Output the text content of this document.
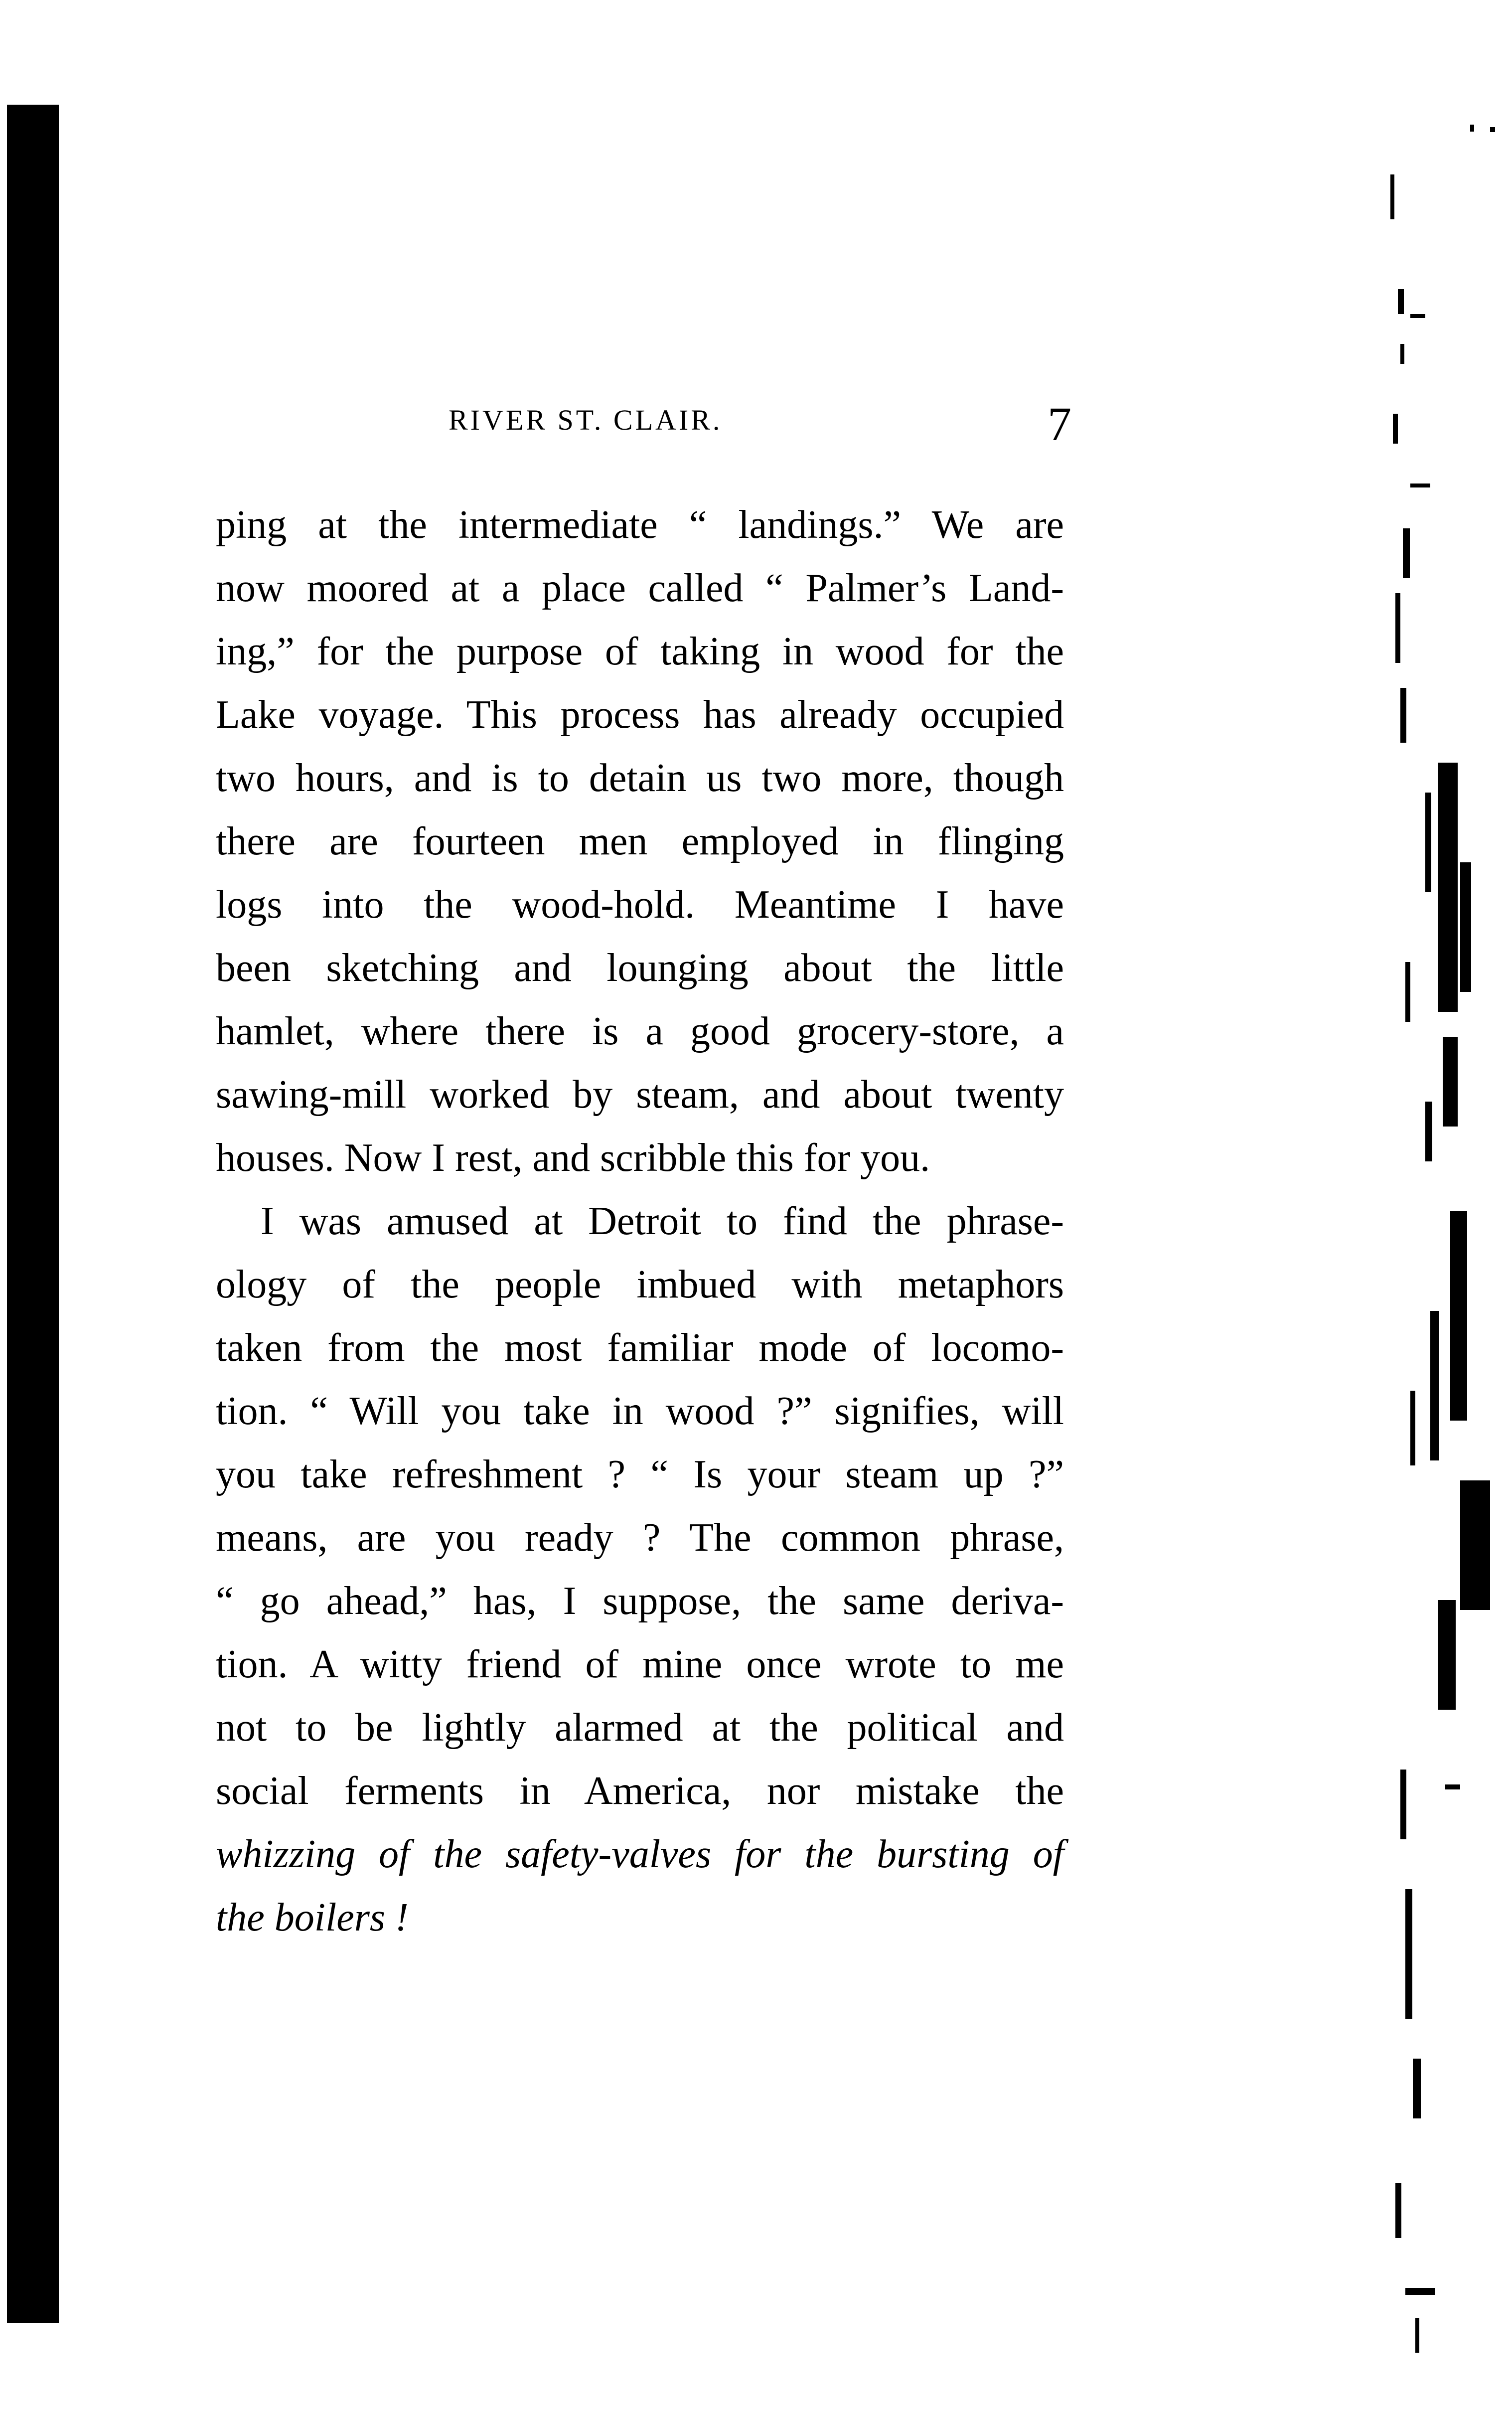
RIVER ST. CLAIR.	7
ping at the intermediate “ landings.” We are
now moored at a place called “ Palmer’s Land-
ing,” for the purpose of taking in wood for the
Lake voyage. This process has already occupied
two hours, and is to detain us two more, though
there are fourteen men employed in flinging
logs into the wood-hold. Meantime I have
been sketching and lounging about the little
hamlet, where there is a good grocery-store, a
sawing-mill worked by steam, and about twenty
houses. Now I rest, and scribble this for you.
I was amused at Detroit to find the phrase-
ology of the people imbued with metaphors
taken from the most familiar mode of locomo-
tion. “ Will you take in wood ?” signifies, will
you take refreshment ? “ Is your steam up ?”
means, are you ready ? The common phrase,
“ go ahead,” has, I suppose, the same deriva-
tion. A witty friend of mine once wrote to me
not to be lightly alarmed at the political and
social ferments in America, nor mistake the
whizzing of the safety-valves for the bursting of
the boilers !
